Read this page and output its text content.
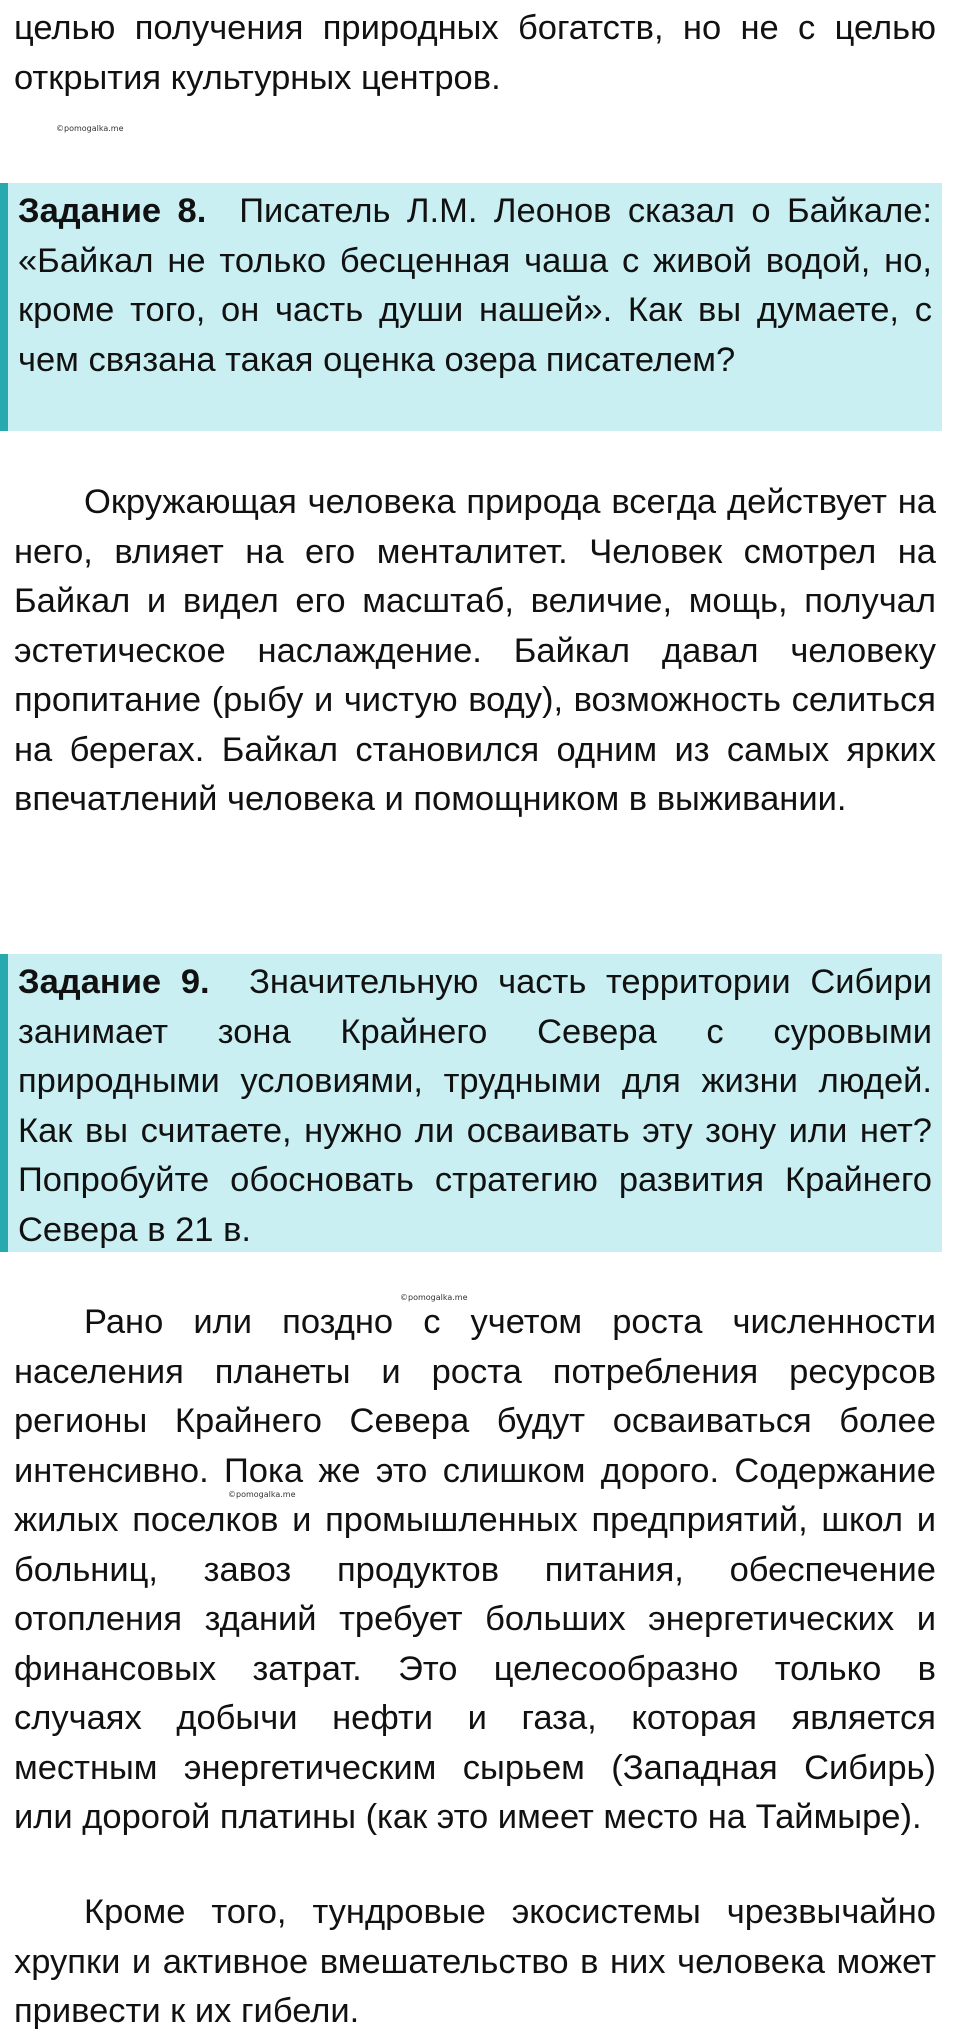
целью получения природных богатств, но не с целью открытия культурных центров.

©pomogalka.me

Задание 8. Писатель Л.М. Леонов сказал о Байкале: «Байкал не только бесценная чаша с живой водой, но, кроме того, он часть души нашей». Как вы думаете, с чем связана такая оценка озера писателем?

Окружающая человека природа всегда действует на него, влияет на его менталитет. Человек смотрел на Байкал и видел его масштаб, величие, мощь, получал эстетическое наслаждение. Байкал давал человеку пропитание (рыбу и чистую воду), возможность селиться на берегах. Байкал становился одним из самых ярких впечатлений человека и помощником в выживании.

Задание 9. Значительную часть территории Сибири занимает зона Крайнего Севера с суровыми природными условиями, трудными для жизни людей. Как вы считаете, нужно ли осваивать эту зону или нет? Попробуйте обосновать стратегию развития Крайнего Севера в 21 в.

©pomogalka.me

Рано или поздно с учетом роста численности населения планеты и роста потребления ресурсов регионы Крайнего Севера будут осваиваться более интенсивно. Пока же это слишком дорого. Содержание жилых поселков и промышленных предприятий, школ и больниц, завоз продуктов питания, обеспечение отопления зданий требует больших энергетических и финансовых затрат. Это целесообразно только в случаях добычи нефти и газа, которая является местным энергетическим сырьем (Западная Сибирь) или дорогой платины (как это имеет место на Таймыре).

©pomogalka.me

Кроме того, тундровые экосистемы чрезвычайно хрупки и активное вмешательство в них человека может привести к их гибели.
